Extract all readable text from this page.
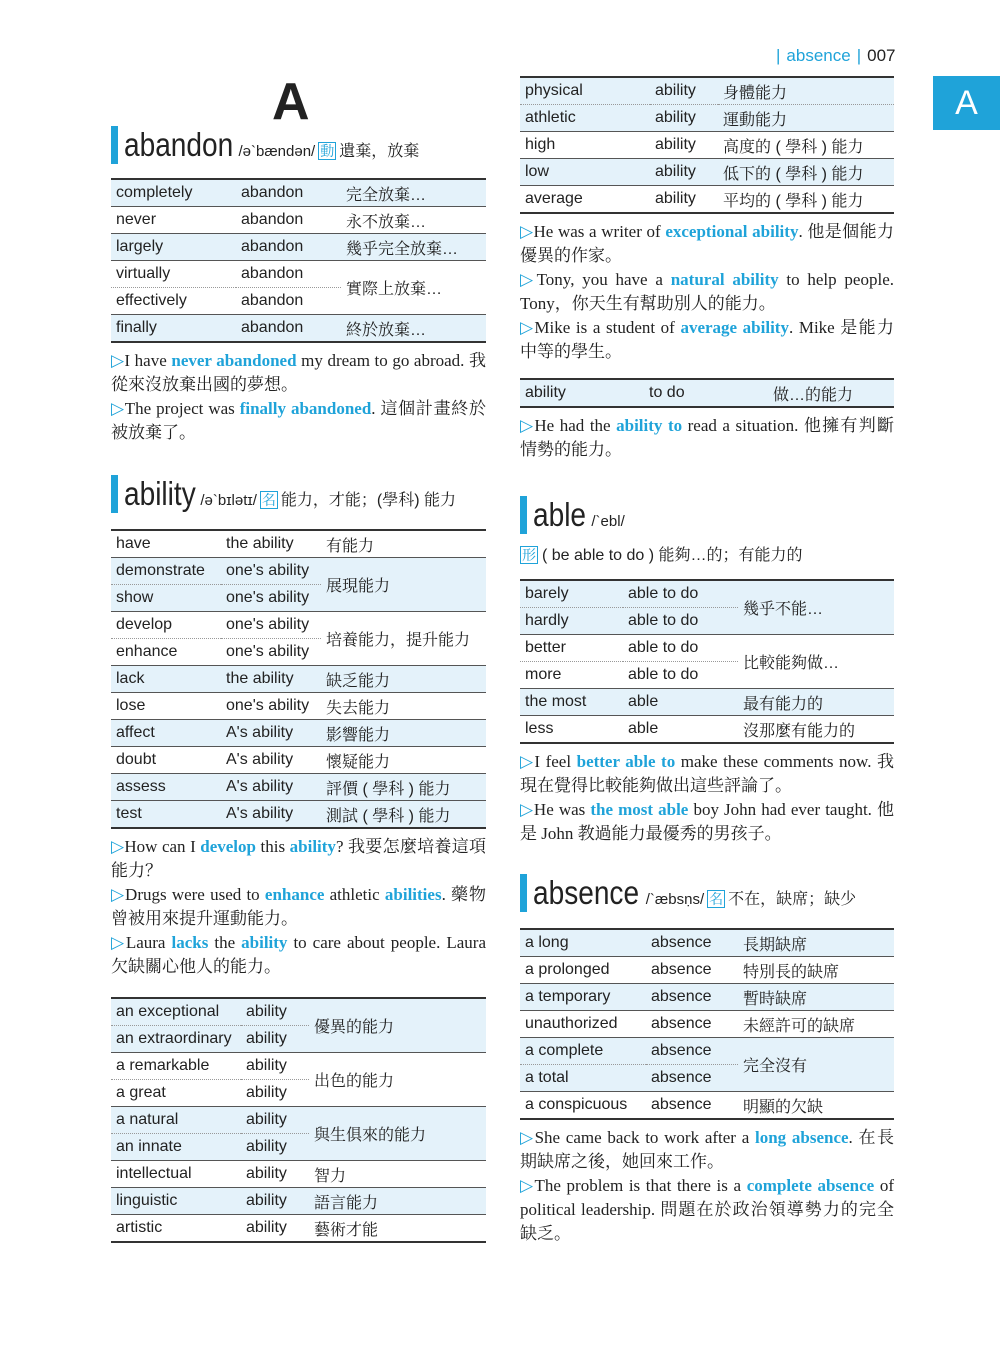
| absence | 007
A
A
abandon /ə`bændən/ 動 遺棄，放棄
completely	abandon	完全放棄…
never	abandon	永不放棄…
largely	abandon	幾乎完全放棄…
virtually	abandon	實際上放棄…
effectively	abandon	
finally	abandon	終於放棄…
▷I have never abandoned my dream to go abroad. 我從來沒放棄出國的夢想。
▷The project was finally abandoned. 這個計畫終於被放棄了。
ability /ə`bɪlətɪ/ 名 能力，才能；(學科) 能力
have	the ability	有能力
demonstrate	one's ability	展現能力
show	one's ability	
develop	one's ability	培養能力，提升能力
enhance	one's ability	
lack	the ability	缺乏能力
lose	one's ability	失去能力
affect	A's ability	影響能力
doubt	A's ability	懷疑能力
assess	A's ability	評價 ( 學科 ) 能力
test	A's ability	測試 ( 學科 ) 能力
▷How can I develop this ability? 我要怎麼培養這項能力？
▷Drugs were used to enhance athletic abilities. 藥物曾被用來提升運動能力。
▷Laura lacks the ability to care about people. Laura 欠缺關心他人的能力。
an exceptional	ability	優異的能力
an extraordinary	ability	
a remarkable	ability	出色的能力
a great	ability	
a natural	ability	與生俱來的能力
an innate	ability	
intellectual	ability	智力
linguistic	ability	語言能力
artistic	ability	藝術才能
physical	ability	身體能力
athletic	ability	運動能力
high	ability	高度的 ( 學科 ) 能力
low	ability	低下的 ( 學科 ) 能力
average	ability	平均的 ( 學科 ) 能力
▷He was a writer of exceptional ability. 他是個能力優異的作家。
▷Tony, you have a natural ability to help people. Tony，你天生有幫助別人的能力。
▷Mike is a student of average ability. Mike 是能力中等的學生。
ability	to do	做…的能力
▷He had the ability to read a situation. 他擁有判斷情勢的能力。
able /`ebl/
形 ( be able to do ) 能夠…的；有能力的
barely	able to do	幾乎不能…
hardly	able to do	
better	able to do	比較能夠做…
more	able to do	
the most	able	最有能力的
less	able	沒那麼有能力的
▷I feel better able to make these comments now. 我現在覺得比較能夠做出這些評論了。
▷He was the most able boy John had ever taught. 他是 John 教過能力最優秀的男孩子。
absence /`æbsṇs/ 名 不在，缺席；缺少
a long	absence	長期缺席
a prolonged	absence	特別長的缺席
a temporary	absence	暫時缺席
unauthorized	absence	未經許可的缺席
a complete	absence	完全沒有
a total	absence	
a conspicuous	absence	明顯的欠缺
▷She came back to work after a long absence. 在長期缺席之後，她回來工作。
▷The problem is that there is a complete absence of political leadership. 問題在於政治領導勢力的完全缺乏。
